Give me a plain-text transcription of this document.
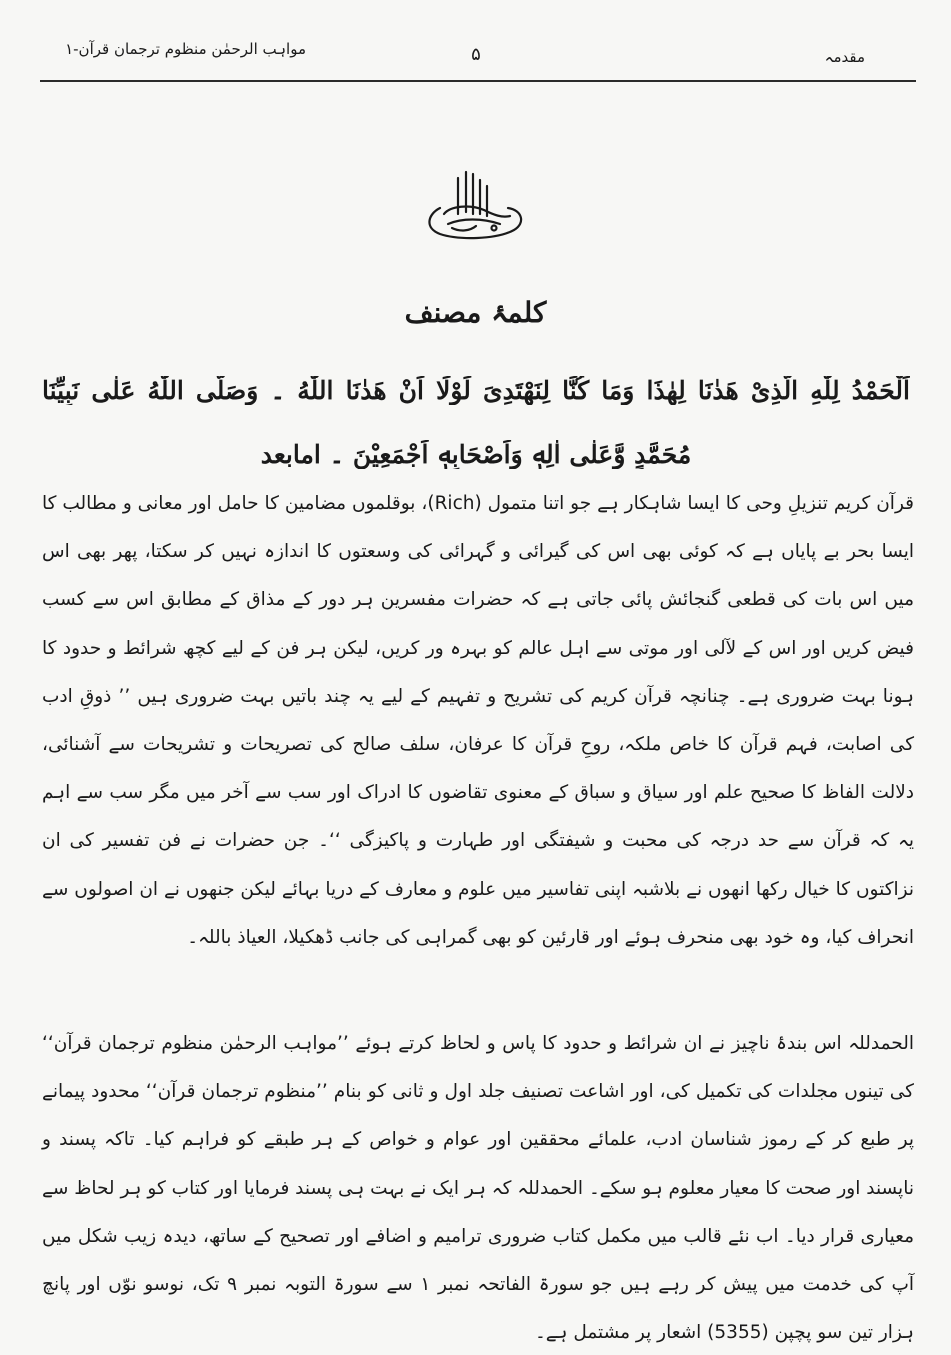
مقدمہ
۵
مواہب الرحمٰن منظوم ترجمان قرآن-۱
کلمۂ مصنف
اَلْحَمْدُ لِلّٰهِ الَّذِیْ هَدٰنَا لِهٰذَا وَمَا كُنَّا لِنَهْتَدِیَ لَوْلَا اَنْ هَدٰنَا اللّٰهُ ۔ وَصَلَّى اللّٰهُ عَلٰى نَبِيِّنَا
مُحَمَّدٍ وَّعَلٰى اٰلِهٖ وَاَصْحَابِهٖ اَجْمَعِيْنَ ۔ امابعد

قرآن کریم تنزیلِ وحی کا ایسا شاہکار ہے جو اتنا متمول (Rich)، بوقلموں مضامین کا حامل اور معانی و مطالب کا ایسا بحر بے پایاں ہے کہ کوئی بھی اس کی گیرائی و گہرائی کی وسعتوں کا اندازہ نہیں کر سکتا، پھر بھی اس میں اس بات کی قطعی گنجائش پائی جاتی ہے کہ حضرات مفسرین ہر دور کے مذاق کے مطابق اس سے کسب فیض کریں اور اس کے لآلی اور موتی سے اہل عالم کو بہرہ ور کریں، لیکن ہر فن کے لیے کچھ شرائط و حدود کا ہونا بہت ضروری ہے۔ چنانچہ قرآن کریم کی تشریح و تفہیم کے لیے یہ چند باتیں بہت ضروری ہیں ’’ ذوقِ ادب کی اصابت، فہم قرآن کا خاص ملکہ، روحِ قرآن کا عرفان، سلف صالح کی تصریحات و تشریحات سے آشنائی، دلالت الفاظ کا صحیح علم اور سیاق و سباق کے معنوی تقاضوں کا ادراک اور سب سے آخر میں مگر سب سے اہم یہ کہ قرآن سے حد درجہ کی محبت و شیفتگی اور طہارت و پاکیزگی ‘‘۔ جن حضرات نے فن تفسیر کی ان نزاکتوں کا خیال رکھا انھوں نے بلاشبہ اپنی تفاسیر میں علوم و معارف کے دریا بہائے لیکن جنھوں نے ان اصولوں سے انحراف کیا، وہ خود بھی منحرف ہوئے اور قارئین کو بھی گمراہی کی جانب ڈھکیلا، العیاذ باللہ۔

الحمدللہ اس بندۂ ناچیز نے ان شرائط و حدود کا پاس و لحاظ کرتے ہوئے ’’مواہب الرحمٰن منظوم ترجمان قرآن‘‘ کی تینوں مجلدات کی تکمیل کی، اور اشاعت تصنیف جلد اول و ثانی کو بنام ’’منظوم ترجمان قرآن‘‘ محدود پیمانے پر طبع کر کے رموز شناسان ادب، علمائے محققین اور عوام و خواص کے ہر طبقے کو فراہم کیا۔ تاکہ پسند و ناپسند اور صحت کا معیار معلوم ہو سکے۔ الحمدللہ کہ ہر ایک نے بہت ہی پسند فرمایا اور کتاب کو ہر لحاظ سے معیاری قرار دیا۔ اب نئے قالب میں مکمل کتاب ضروری ترامیم و اضافے اور تصحیح کے ساتھ، دیدہ زیب شکل میں آپ کی خدمت میں پیش کر رہے ہیں جو سورۃ الفاتحہ نمبر ۱ سے سورۃ التوبہ نمبر ۹ تک، نوسو نوّں اور پانچ ہزار تین سو پچپن (5355) اشعار پر مشتمل ہے۔
